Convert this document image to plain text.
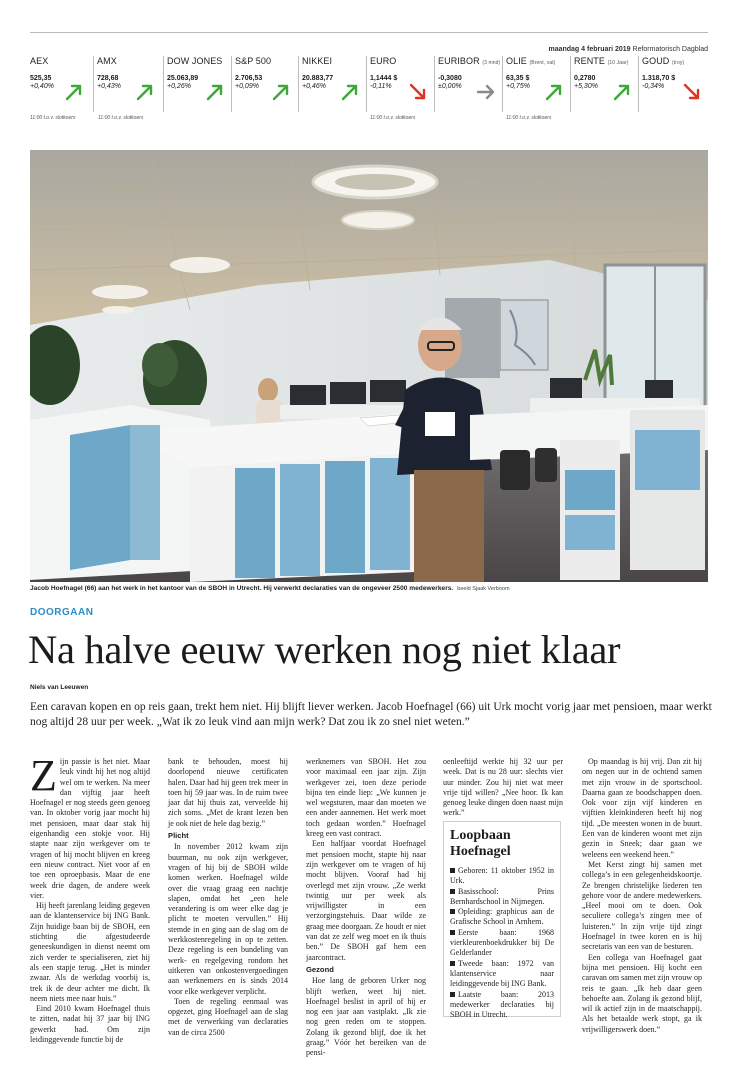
maandag 4 februari 2019 Reformatorisch Dagblad
AEX
525,35
+0,40%
AMX
728,68
+0,43%
DOW JONES
25.063,89
+0,26%
S&P 500
2.706,53
+0,09%
NIKKEI
20.883,77
+0,46%
EURO
1,1444 $
-0,11%
EURIBOR (3 mnd)
-0,3080
±0,00%
OLIE (Brent, vat)
63,35 $
+0,75%
RENTE (10 Jaar)
0,2780
+5,30%
GOUD (troy)
1.318,70 $
-0,34%
11:00 t.o.v. slotkoers	11:00 t.o.v. slotkoers	11:00 t.o.v. slotkoers	11:00 t.o.v. slotkoers
Jacob Hoefnagel (66) aan het werk in het kantoor van de SBOH in Utrecht. Hij verwerkt declaraties van de ongeveer 2500 medewerkers. beeld Sjaak Verboom
DOORGAAN
Na halve eeuw werken nog niet klaar
Niels van Leeuwen
Een caravan kopen en op reis gaan, trekt hem niet. Hij blijft liever werken. Jacob Hoefnagel (66) uit Urk mocht vorig jaar met pensioen, maar werkt nog altijd 28 uur per week. „Wat ik zo leuk vind aan mijn werk? Dat zou ik zo snel niet weten.”
Z ijn passie is het niet. Maar leuk vindt hij het nog altijd wel om te werken. Na meer dan vijftig jaar heeft Hoefnagel er nog steeds geen genoeg van. In oktober vorig jaar mocht hij met pensioen, maar daar stak hij eigenhandig een stokje voor. Hij stapte naar zijn werkgever om te vragen of hij mocht blijven en kreeg een nieuw contract. Niet voor af en toe een oproepbasis. Maar de ene week drie dagen, de andere week vier.

Hij heeft jarenlang leiding gegeven aan de klantenservice bij ING Bank. Zijn huidige baan bij de SBOH, een stichting die afgestudeerde geneeskundigen in dienst neemt om zich verder te specialiseren, ziet hij als een stapje terug. „Het is minder zwaar. Als de werkdag voorbij is, trek ik de deur achter me dicht. Ik neem niets mee naar huis.”

Eind 2010 kwam Hoefnagel thuis te zitten, nadat hij 37 jaar bij ING gewerkt had. Om zijn leidinggevende functie bij de

bank te behouden, moest hij doorlopend nieuwe certificaten halen. Daar had hij geen trek meer in toen hij 59 jaar was. In de ruim twee jaar dat hij thuis zat, verveelde hij zich soms. „Met de krant lezen ben je ook niet de hele dag bezig.”

Plicht

In november 2012 kwam zijn buurman, nu ook zijn werkgever, vragen of hij bij de SBOH wilde komen werken. Hoefnagel wilde over die vraag graag een nachtje slapen, omdat het „een hele verandering is om weer elke dag je plicht te moeten vervullen.” Hij stemde in en ging aan de slag om de werkkostenregeling in op te zetten. Deze regeling is een bundeling van werk- en regelgeving rondom het uitkeren van onkostenvergoedingen aan werknemers en is sinds 2014 voor elke werkgever verplicht.

Toen de regeling eenmaal was opgezet, ging Hoefnagel aan de slag met de verwerking van declaraties van de circa 2500

werknemers van SBOH. Het zou voor maximaal een jaar zijn. Zijn werkgever zei, toen deze periode bijna ten einde liep: „We kunnen je wel wegsturen, maar dan moeten we een ander aannemen. Het werk moet toch gedaan worden.” Hoefnagel kreeg een vast contract.

Een halfjaar voordat Hoefnagel met pensioen mocht, stapte hij naar zijn werkgever om te vragen of hij mocht blijven. Vooraf had hij overlegd met zijn vrouw. „Ze werkt twintig uur per week als vrijwilligster in een verzorgingstehuis. Daar wilde ze graag mee doorgaan. Ze houdt er niet van dat ze zelf weg moet en ik thuis ben.” De SBOH gaf hem een jaarcontract.

Gezond

Hoe lang de geboren Urker nog blijft werken, weet hij niet. Hoefnagel beslist in april of hij er nog een jaar aan vastplakt. „Ik zie nog geen reden om te stoppen. Zolang ik gezond blijf, doe ik het graag.” Vóór het bereiken van de pensi-

oenleeftijd werkte hij 32 uur per week. Dat is nu 28 uur: slechts vier uur minder. Zou hij niet wat meer vrije tijd willen? „Nee hoor. Ik kan genoeg leuke dingen doen naast mijn werk.”

Loopbaan Hoefnagel
Geboren: 11 oktober 1952 in Urk.
Basisschool: Prins Bernhardschool in Nijmegen.
Opleiding: graphicus aan de Grafische School in Arnhem.
Eerste baan: 1968 vierkleurenboekdrukker bij De Gelderlander
Tweede baan: 1972 van klantenservice naar leidinggevende bij ING Bank.
Laatste baan: 2013 medewerker declaraties bij SBOH in Utrecht.

Op maandag is hij vrij. Dan zit hij om negen uur in de ochtend samen met zijn vrouw in de sportschool. Daarna gaan ze boodschappen doen. Ook voor zijn vijf kinderen en vijftien kleinkinderen heeft hij nog tijd. „De meesten wonen in de buurt. Een van de kinderen woont met zijn gezin in Sneek; daar gaan we weleens een weekend heen.”

Met Kerst zingt hij samen met collega’s in een gelegenheidskoortje. Ze brengen christelijke liederen ten gehore voor de andere medewerkers. „Heel mooi om te doen. Ook seculiere collega’s zingen mee of luisteren.” In zijn vrije tijd zingt Hoefnagel in twee koren en is hij secretaris van een van de besturen.

Een collega van Hoefnagel gaat bijna met pensioen. Hij kocht een caravan om samen met zijn vrouw op reis te gaan. „Ik heb daar geen behoefte aan. Zolang ik gezond blijf, wil ik actief zijn in de maatschappij. Als het betaalde werk stopt, ga ik vrijwilligerswerk doen.”
